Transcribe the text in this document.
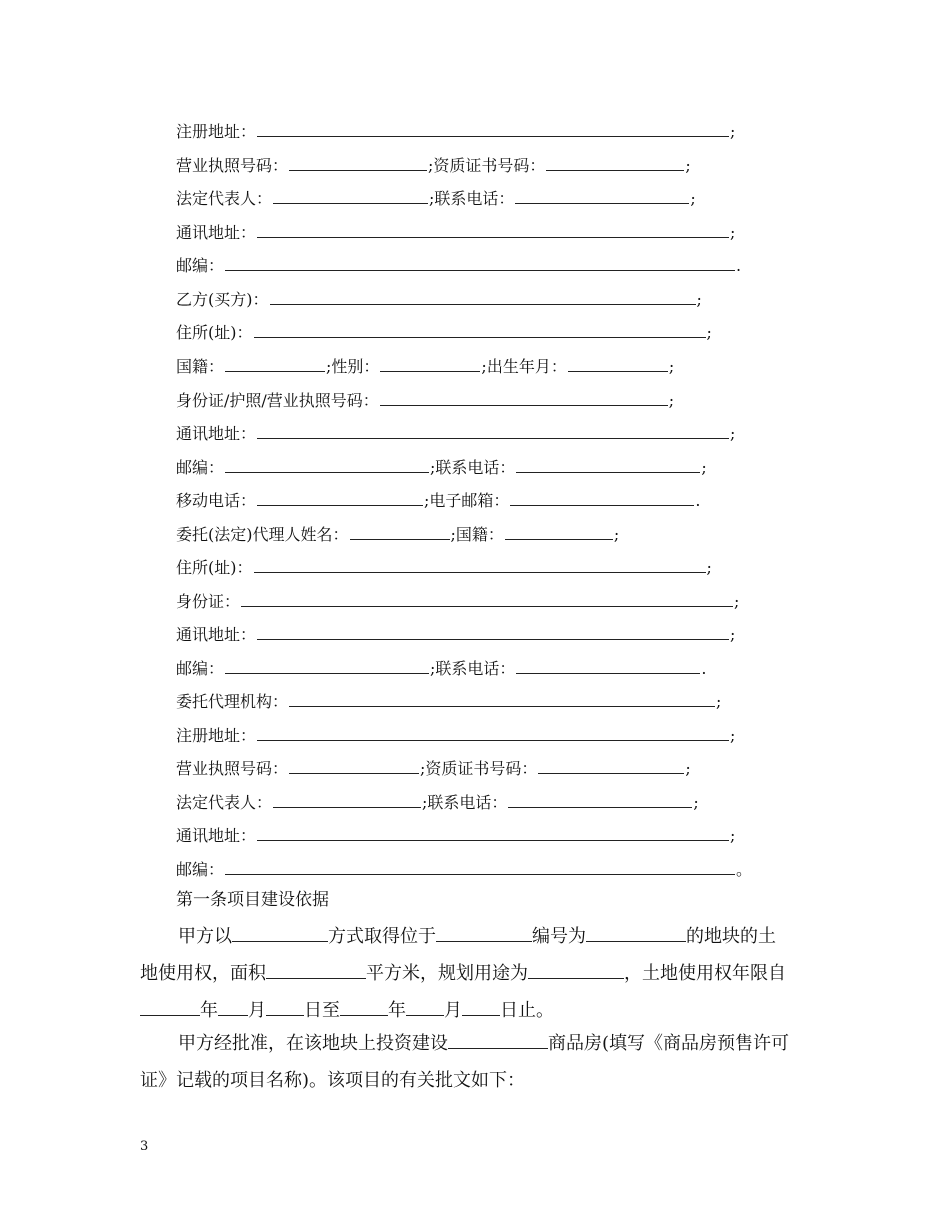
注册地址：	;
营业执照号码：	;资质证书号码：	;
法定代表人：	;联系电话：	;
通讯地址：	;
邮编：	.
乙方(买方)：	;
住所(址)：	;
国籍：	;性别：	;出生年月：	;
身份证/护照/营业执照号码：	;
通讯地址：	;
邮编：	;联系电话：	;
移动电话：	;电子邮箱：	.
委托(法定)代理人姓名：	;国籍：	;
住所(址)：	;
身份证：	;
通讯地址：	;
邮编：	;联系电话：	.
委托代理机构：	;
注册地址：	;
营业执照号码：	;资质证书号码：	;
法定代表人：	;联系电话：	;
通讯地址：	;
邮编：	。
第一条项目建设依据
甲方以	方式取得位于	编号为	的地块的土
地使用权，面积	平方米，规划用途为	，土地使用权年限自
年 月 日至	年 月 日止。
甲方经批准，在该地块上投资建设	商品房(填写《商品房预售许可
证》记载的项目名称)。该项目的有关批文如下：
3
